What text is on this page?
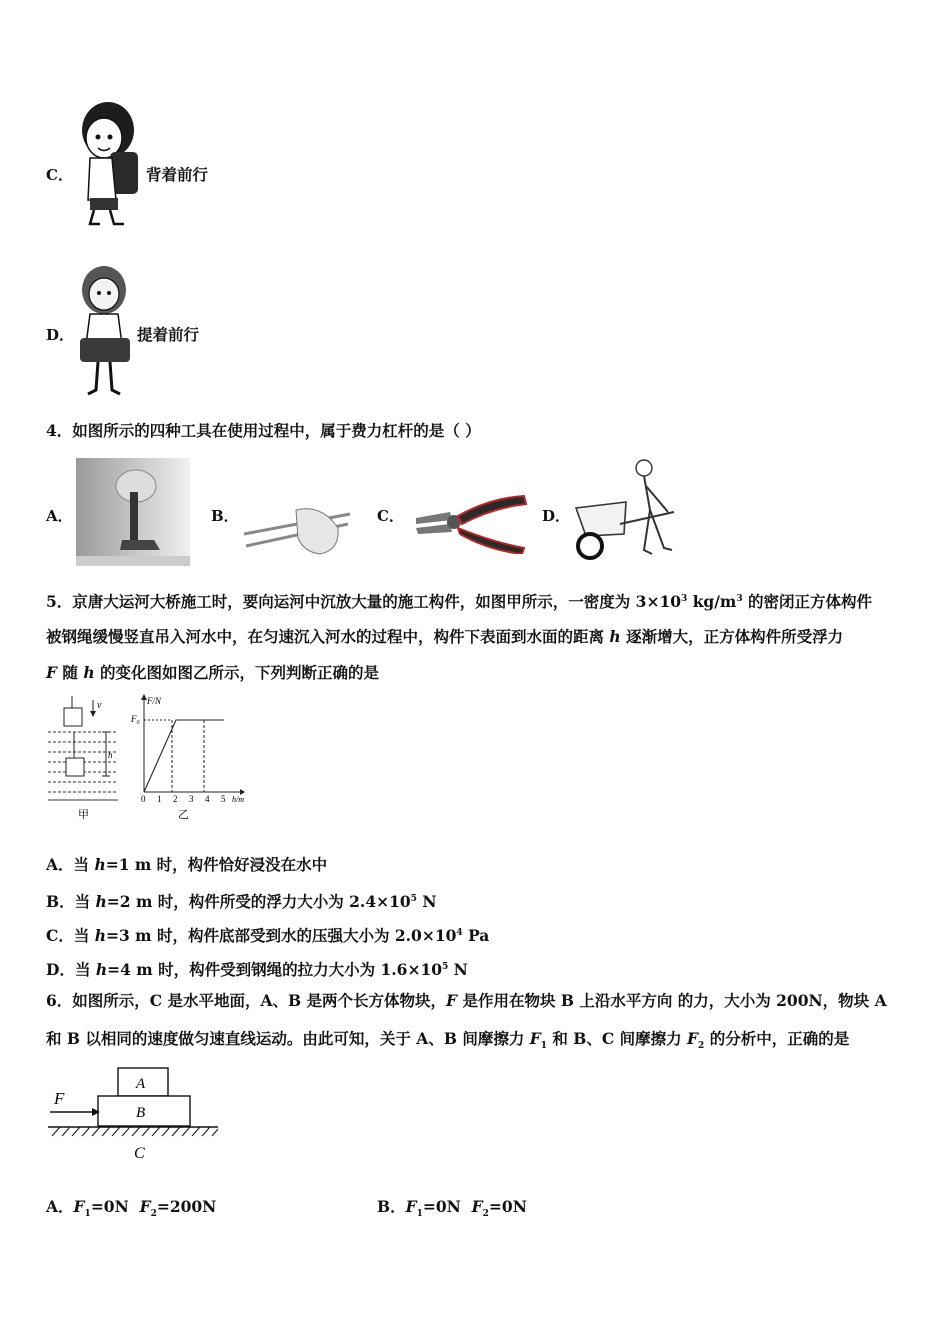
C．	背着前行
D．	提着前行
4．如图所示的四种工具在使用过程中，属于费力杠杆的是（ ）
A．	B．	C．	D．
5．京唐大运河大桥施工时，要向运河中沉放大量的施工构件，如图甲所示，一密度为 $3\times 10^3$ $kg/m^3$ 的密闭正方体构件
被钢绳缓慢竖直吊入河水中，在匀速沉入河水的过程中，构件下表面到水面的距离 h 逐渐增大，正方体构件所受浮力
F 随 h 的变化图如图乙所示，下列判断正确的是
v
h
甲
F/N
$F_0$
0 1 2 3 4 5 h/m
乙
A．当 h=1 m 时，构件恰好浸没在水中
B．当 h=2 m 时，构件所受的浮力大小为 $2.4\times 10^5$ N
C．当 h=3 m 时，构件底部受到水的压强大小为 $2.0\times 10^4$ Pa
D．当 h=4 m 时，构件受到钢绳的拉力大小为 $1.6\times 10^5$ N
6．如图所示，C 是水平地面，A、B 是两个长方体物块，F 是作用在物块 B 上沿水平方向 的力，大小为 200N，物块 A
和 B 以相同的速度做匀速直线运动。由此可知，关于 A、B 间摩擦力 $F_1$ 和 B、C 间摩擦力 $F_2$ 的分析中，正确的是
A
B
F
C
A．$F_1=0N$ $F_2=200N$	B．$F_1=0N$ $F_2=0N$
